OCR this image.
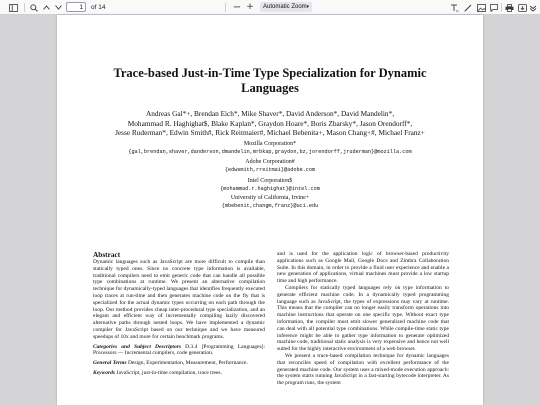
1	of 14	− +	Automatic Zoom ▾
Trace-based Just-in-Time Type Specialization for Dynamic
Languages
Andreas Gal*+, Brendan Eich*, Mike Shaver*, David Anderson*, David Mandelin*,
Mohammad R. Haghighat$, Blake Kaplan*, Graydon Hoare*, Boris Zbarsky*, Jason Orendorff*,
Jesse Ruderman*, Edwin Smith#, Rick Reitmaier#, Michael Bebenita+, Mason Chang+#, Michael Franz+
Mozilla Corporation*
{gal,brendan,shaver,danderson,dmandelin,mrbkap,graydon,bz,jorendorff,jruderman}@mozilla.com
Adobe Corporation#
{edwsmith,rreitmai}@adobe.com
Intel Corporation$
{mohammad.r.haghighat}@intel.com
University of California, Irvine+
{mbebenit,changm,franz}@uci.edu
Abstract

Dynamic languages such as JavaScript are more difficult to compile than statically typed ones. Since no concrete type information is available, traditional compilers need to emit generic code that can handle all possible type combinations at runtime. We present an alternative compilation technique for dynamically-typed languages that identifies frequently executed loop traces at run-time and then generates machine code on the fly that is specialized for the actual dynamic types occurring on each path through the loop. Our method provides cheap inter-procedural type specialization, and an elegant and efficient way of incrementally compiling lazily discovered alternative paths through nested loops. We have implemented a dynamic compiler for JavaScript based on our technique and we have measured speedups of 10x and more for certain benchmark programs.

Categories and Subject Descriptors D.3.4 [Programming Languages]: Processors — Incremental compilers, code generation.

General Terms Design, Experimentation, Measurement, Performance.

Keywords JavaScript, just-in-time compilation, trace trees.

and is used for the application logic of browser-based productivity applications such as Google Mail, Google Docs and Zimbra Collaboration Suite. In this domain, in order to provide a fluid user experience and enable a new generation of applications, virtual machines must provide a low startup time and high performance.

Compilers for statically typed languages rely on type information to generate efficient machine code. In a dynamically typed programming language such as JavaScript, the types of expressions may vary at runtime. This means that the compiler can no longer easily transform operations into machine instructions that operate on one specific type. Without exact type information, the compiler must emit slower generalized machine code that can deal with all potential type combinations. While compile-time static type inference might be able to gather type information to generate optimized machine code, traditional static analysis is very expensive and hence not well suited for the highly interactive environment of a web browser.

We present a trace-based compilation technique for dynamic languages that reconciles speed of compilation with excellent performance of the generated machine code. Our system uses a mixed-mode execution approach: the system starts running JavaScript in a fast-starting bytecode interpreter. As the program runs, the system
